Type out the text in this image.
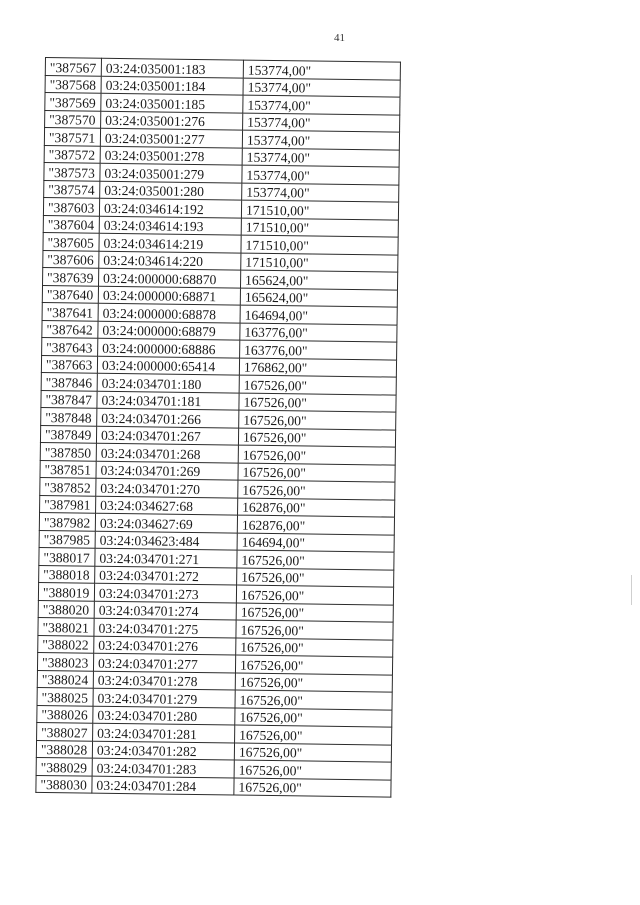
41
"387567	03:24:035001:183	153774,00"
"387568	03:24:035001:184	153774,00"
"387569	03:24:035001:185	153774,00"
"387570	03:24:035001:276	153774,00"
"387571	03:24:035001:277	153774,00"
"387572	03:24:035001:278	153774,00"
"387573	03:24:035001:279	153774,00"
"387574	03:24:035001:280	153774,00"
"387603	03:24:034614:192	171510,00"
"387604	03:24:034614:193	171510,00"
"387605	03:24:034614:219	171510,00"
"387606	03:24:034614:220	171510,00"
"387639	03:24:000000:68870	165624,00"
"387640	03:24:000000:68871	165624,00"
"387641	03:24:000000:68878	164694,00"
"387642	03:24:000000:68879	163776,00"
"387643	03:24:000000:68886	163776,00"
"387663	03:24:000000:65414	176862,00"
"387846	03:24:034701:180	167526,00"
"387847	03:24:034701:181	167526,00"
"387848	03:24:034701:266	167526,00"
"387849	03:24:034701:267	167526,00"
"387850	03:24:034701:268	167526,00"
"387851	03:24:034701:269	167526,00"
"387852	03:24:034701:270	167526,00"
"387981	03:24:034627:68	162876,00"
"387982	03:24:034627:69	162876,00"
"387985	03:24:034623:484	164694,00"
"388017	03:24:034701:271	167526,00"
"388018	03:24:034701:272	167526,00"
"388019	03:24:034701:273	167526,00"
"388020	03:24:034701:274	167526,00"
"388021	03:24:034701:275	167526,00"
"388022	03:24:034701:276	167526,00"
"388023	03:24:034701:277	167526,00"
"388024	03:24:034701:278	167526,00"
"388025	03:24:034701:279	167526,00"
"388026	03:24:034701:280	167526,00"
"388027	03:24:034701:281	167526,00"
"388028	03:24:034701:282	167526,00"
"388029	03:24:034701:283	167526,00"
"388030	03:24:034701:284	167526,00"
